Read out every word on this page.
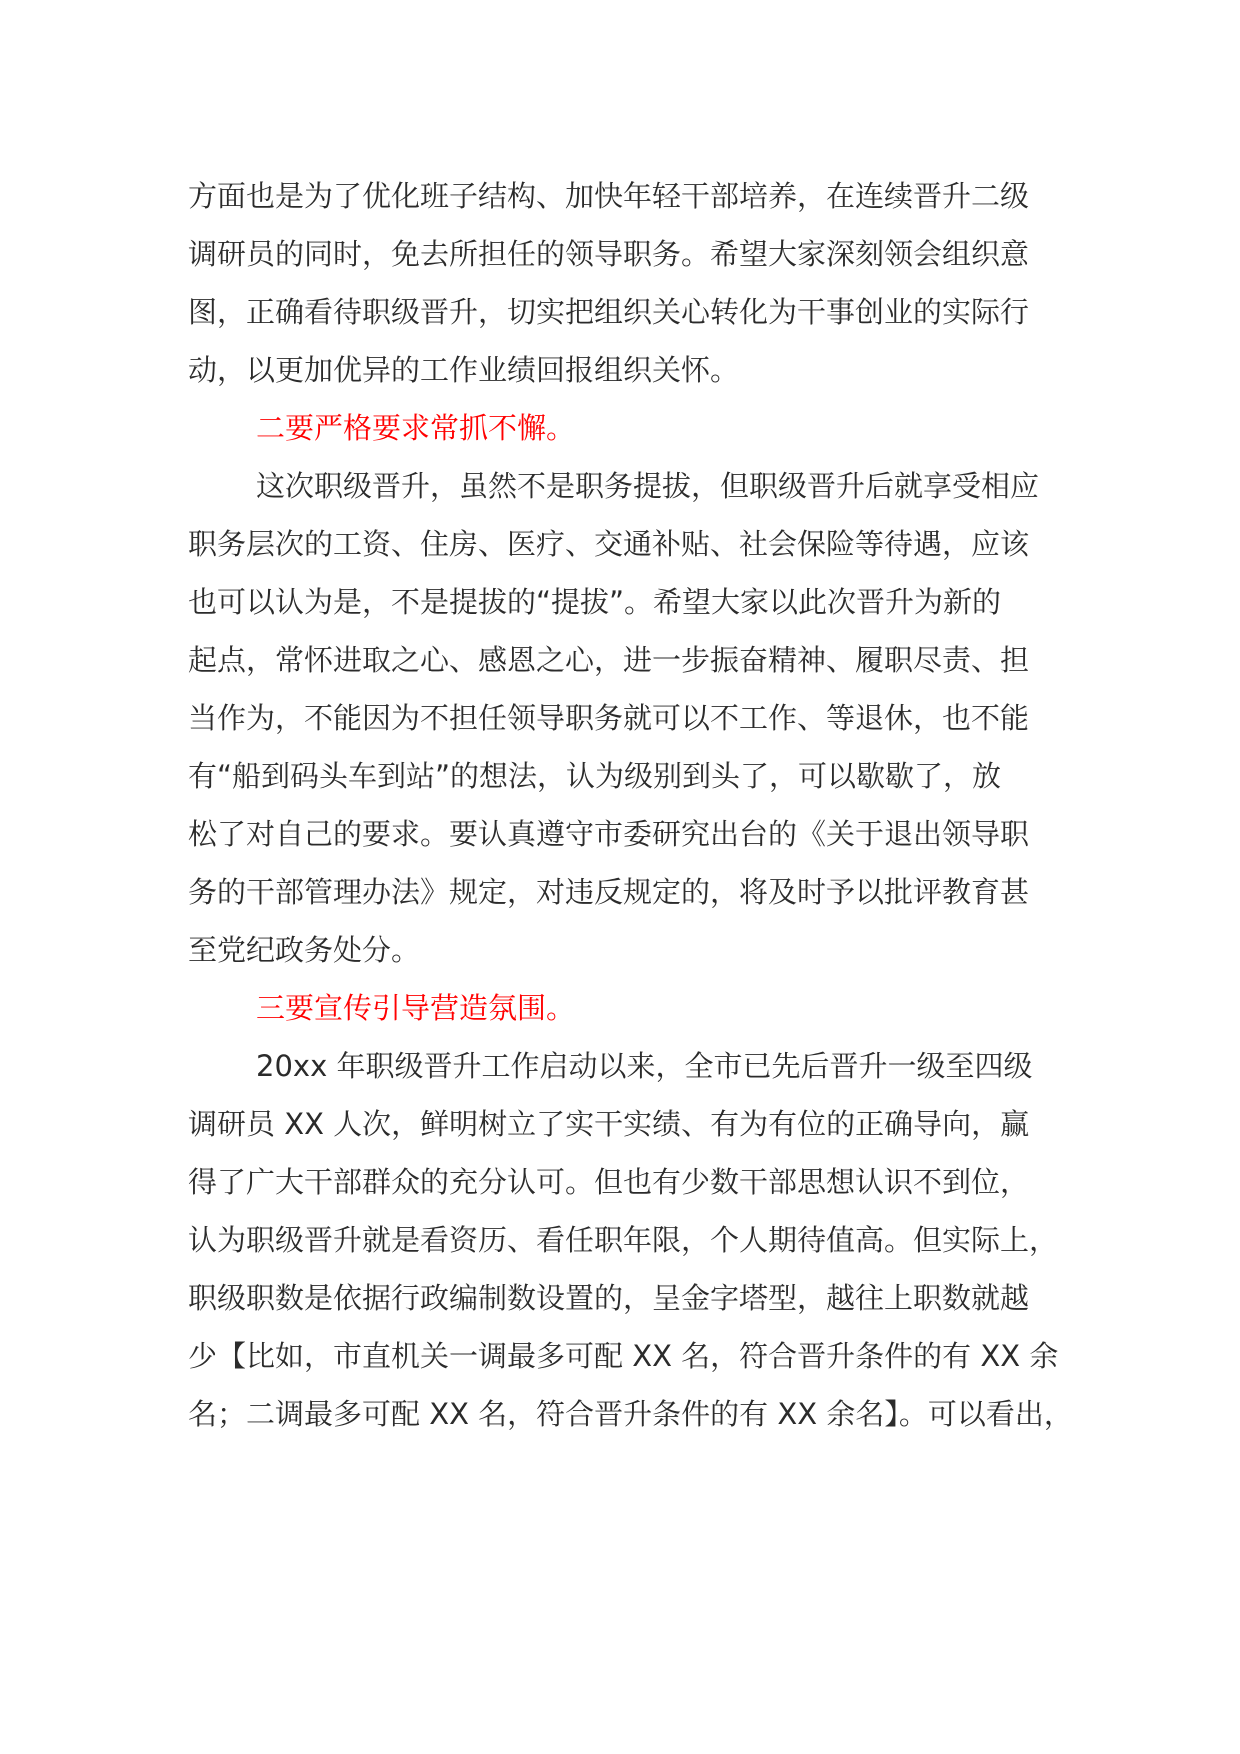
方面也是为了优化班子结构、加快年轻干部培养，在连续晋升二级
调研员的同时，免去所担任的领导职务。希望大家深刻领会组织意
图，正确看待职级晋升，切实把组织关心转化为干事创业的实际行
动，以更加优异的工作业绩回报组织关怀。
二要严格要求常抓不懈。
这次职级晋升，虽然不是职务提拔，但职级晋升后就享受相应
职务层次的工资、住房、医疗、交通补贴、社会保险等待遇，应该
也可以认为是，不是提拔的“提拔”。希望大家以此次晋升为新的
起点，常怀进取之心、感恩之心，进一步振奋精神、履职尽责、担
当作为，不能因为不担任领导职务就可以不工作、等退休，也不能
有“船到码头车到站”的想法，认为级别到头了，可以歇歇了，放
松了对自己的要求。要认真遵守市委研究出台的《关于退出领导职
务的干部管理办法》规定，对违反规定的，将及时予以批评教育甚
至党纪政务处分。
三要宣传引导营造氛围。
20xx 年职级晋升工作启动以来，全市已先后晋升一级至四级
调研员 XX 人次，鲜明树立了实干实绩、有为有位的正确导向，赢
得了广大干部群众的充分认可。但也有少数干部思想认识不到位，
认为职级晋升就是看资历、看任职年限，个人期待值高。但实际上，
职级职数是依据行政编制数设置的，呈金字塔型，越往上职数就越
少【比如，市直机关一调最多可配 XX 名，符合晋升条件的有 XX 余
名；二调最多可配 XX 名，符合晋升条件的有 XX 余名】。可以看出，
